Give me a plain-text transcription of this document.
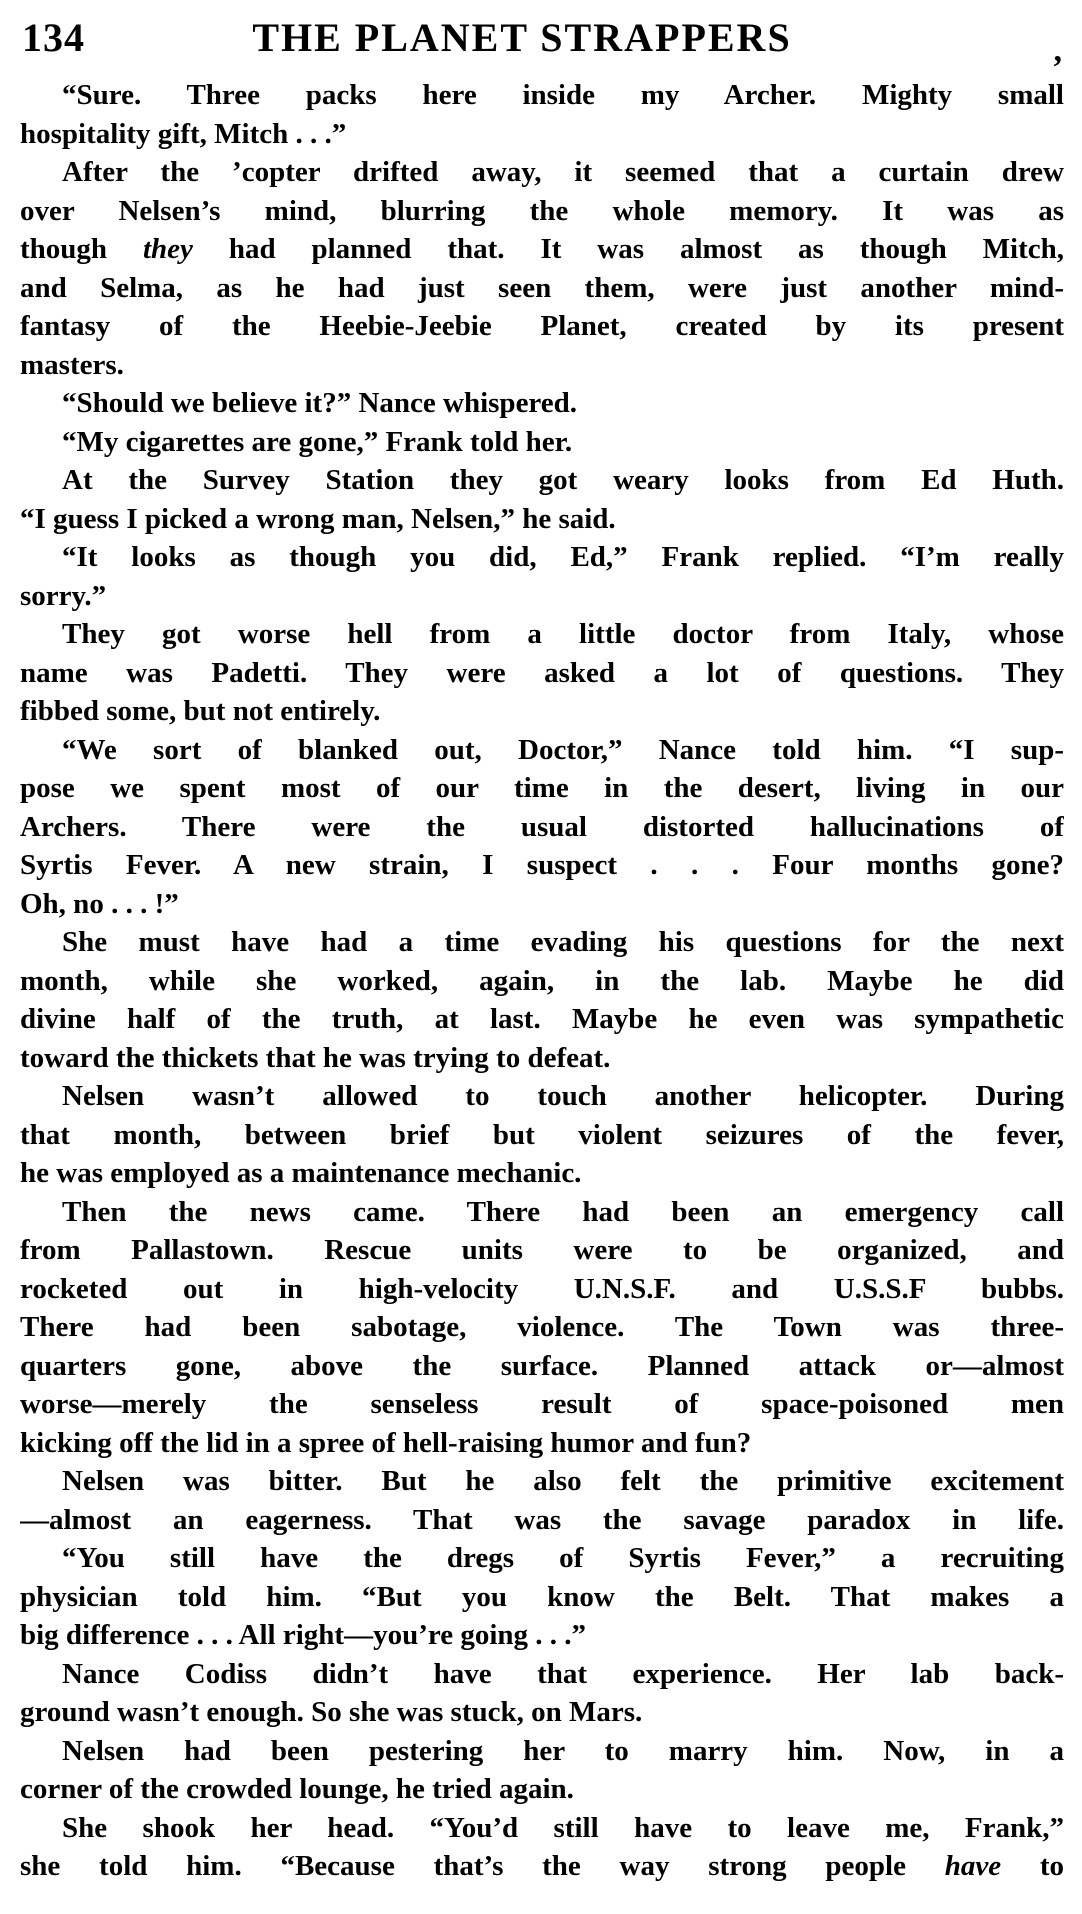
134	THE PLANET STRAPPERS	,
“Sure. Three packs here inside my Archer. Mighty small
hospitality gift, Mitch . . .”
After the ’copter drifted away, it seemed that a curtain drew
over Nelsen’s mind, blurring the whole memory. It was as
though they had planned that. It was almost as though Mitch,
and Selma, as he had just seen them, were just another mind-
fantasy of the Heebie-Jeebie Planet, created by its present
masters.
“Should we believe it?” Nance whispered.
“My cigarettes are gone,” Frank told her.
At the Survey Station they got weary looks from Ed Huth.
“I guess I picked a wrong man, Nelsen,” he said.
“It looks as though you did, Ed,” Frank replied. “I’m really
sorry.”
They got worse hell from a little doctor from Italy, whose
name was Padetti. They were asked a lot of questions. They
fibbed some, but not entirely.
“We sort of blanked out, Doctor,” Nance told him. “I sup-
pose we spent most of our time in the desert, living in our
Archers. There were the usual distorted hallucinations of
Syrtis Fever. A new strain, I suspect . . . Four months gone?
Oh, no . . . !”
She must have had a time evading his questions for the next
month, while she worked, again, in the lab. Maybe he did
divine half of the truth, at last. Maybe he even was sympathetic
toward the thickets that he was trying to defeat.
Nelsen wasn’t allowed to touch another helicopter. During
that month, between brief but violent seizures of the fever,
he was employed as a maintenance mechanic.
Then the news came. There had been an emergency call
from Pallastown. Rescue units were to be organized, and
rocketed out in high-velocity U.N.S.F. and U.S.S.F bubbs.
There had been sabotage, violence. The Town was three-
quarters gone, above the surface. Planned attack or—almost
worse—merely the senseless result of space-poisoned men
kicking off the lid in a spree of hell-raising humor and fun?
Nelsen was bitter. But he also felt the primitive excitement
—almost an eagerness. That was the savage paradox in life.
“You still have the dregs of Syrtis Fever,” a recruiting
physician told him. “But you know the Belt. That makes a
big difference . . . All right—you’re going . . .”
Nance Codiss didn’t have that experience. Her lab back-
ground wasn’t enough. So she was stuck, on Mars.
Nelsen had been pestering her to marry him. Now, in a
corner of the crowded lounge, he tried again.
She shook her head. “You’d still have to leave me, Frank,”
she told him. “Because that’s the way strong people have to
